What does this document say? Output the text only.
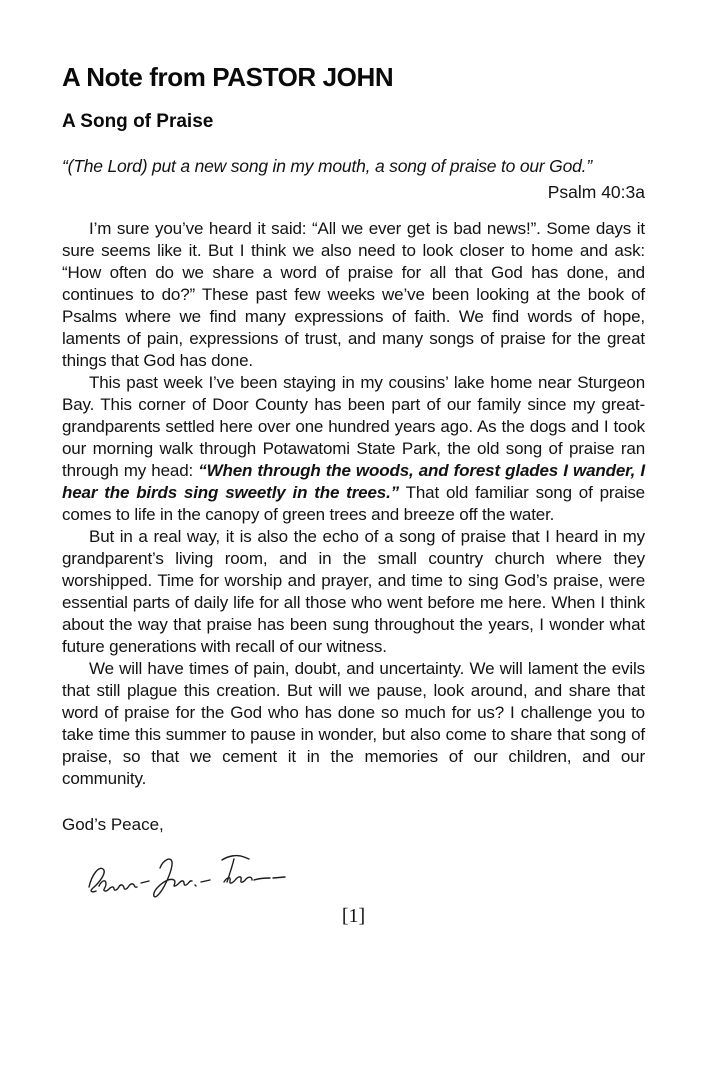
A Note from PASTOR JOHN
A Song of Praise

“(The Lord) put a new song in my mouth, a song of praise to our God.”

Psalm 40:3a

I’m sure you’ve heard it said: “All we ever get is bad news!”. Some days it sure seems like it. But I think we also need to look closer to home and ask: “How often do we share a word of praise for all that God has done, and continues to do?” These past few weeks we’ve been looking at the book of Psalms where we find many expressions of faith. We find words of hope, laments of pain, expressions of trust, and many songs of praise for the great things that God has done.

This past week I’ve been staying in my cousins’ lake home near Sturgeon Bay. This corner of Door County has been part of our family since my great-grandparents settled here over one hundred years ago. As the dogs and I took our morning walk through Potawatomi State Park, the old song of praise ran through my head: “When through the woods, and forest glades I wander, I hear the birds sing sweetly in the trees.” That old familiar song of praise comes to life in the canopy of green trees and breeze off the water.

But in a real way, it is also the echo of a song of praise that I heard in my grandparent’s living room, and in the small country church where they worshipped. Time for worship and prayer, and time to sing God’s praise, were essential parts of daily life for all those who went before me here. When I think about the way that praise has been sung throughout the years, I wonder what future generations with recall of our witness.

We will have times of pain, doubt, and uncertainty. We will lament the evils that still plague this creation. But will we pause, look around, and share that word of praise for the God who has done so much for us? I challenge you to take time this summer to pause in wonder, but also come to share that song of praise, so that we cement it in the memories of our children, and our community.

God’s Peace,

[1]
